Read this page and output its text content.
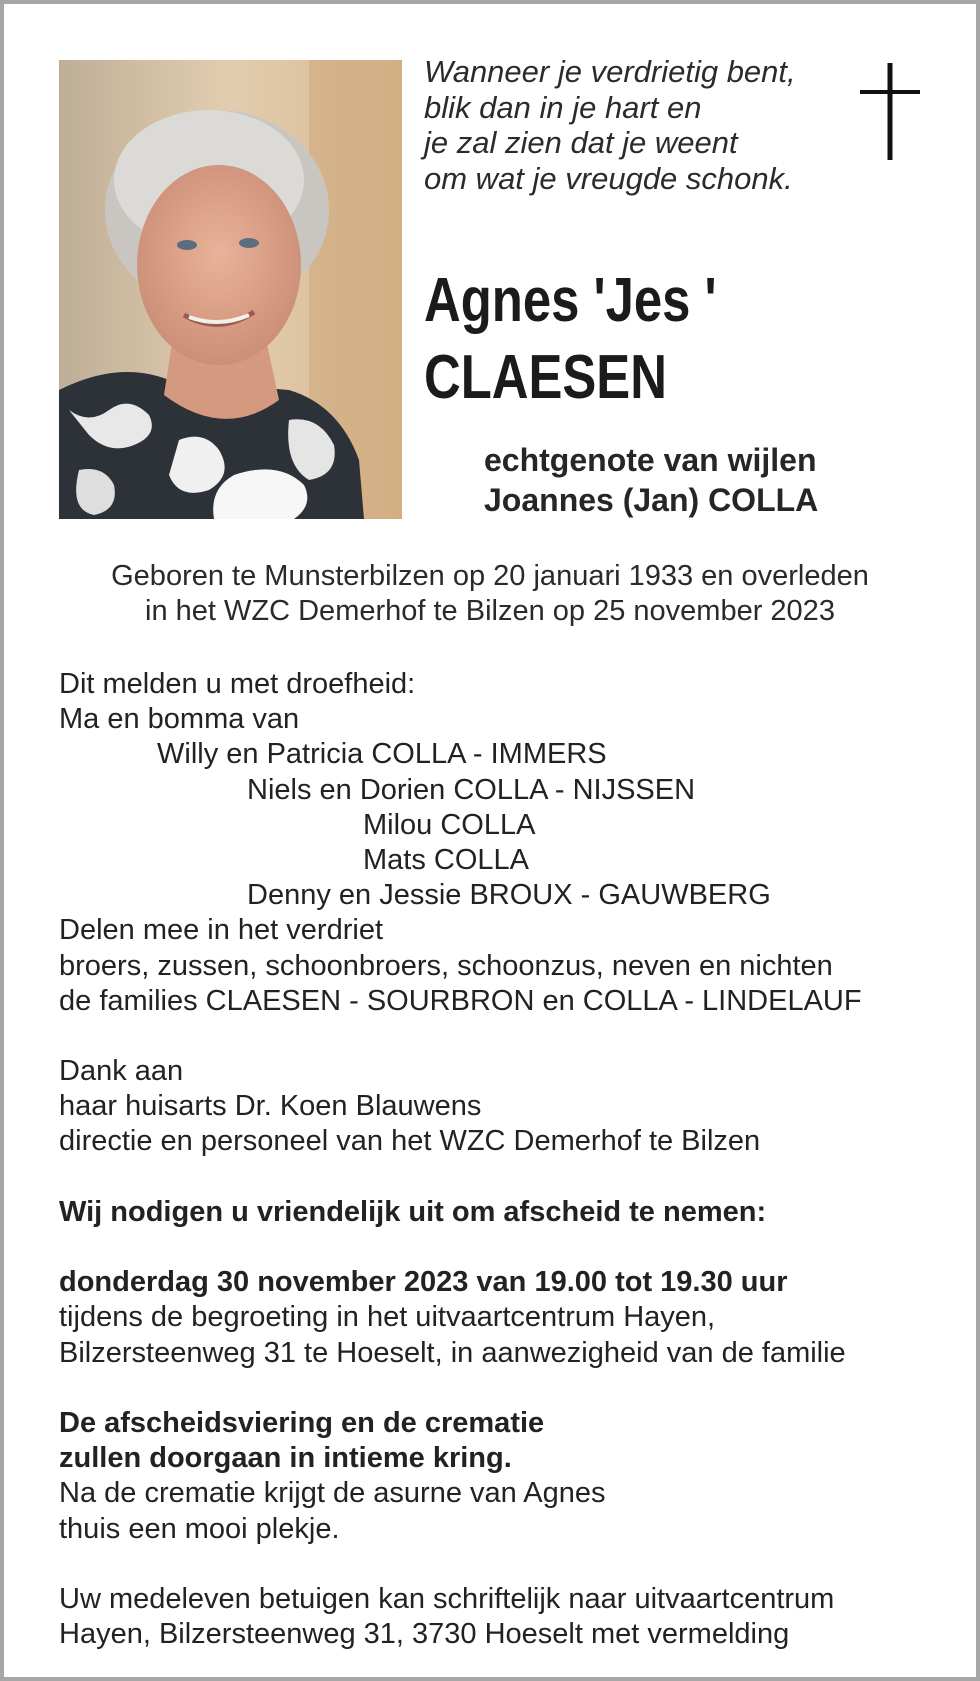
Wanneer je verdrietig bent,
blik dan in je hart en
je zal zien dat je weent
om wat je vreugde schonk.
Agnes 'Jes '
CLAESEN
echtgenote van wijlen
Joannes (Jan) COLLA
Geboren te Munsterbilzen op 20 januari 1933 en overleden
in het WZC Demerhof te Bilzen op 25 november 2023
Dit melden u met droefheid:
Ma en bomma van
Willy en Patricia COLLA - IMMERS
Niels en Dorien COLLA - NIJSSEN
Milou COLLA
Mats COLLA
Denny en Jessie BROUX - GAUWBERG
Delen mee in het verdriet
broers, zussen, schoonbroers, schoonzus, neven en nichten
de families CLAESEN - SOURBRON en COLLA - LINDELAUF
Dank aan
haar huisarts Dr. Koen Blauwens
directie en personeel van het WZC Demerhof te Bilzen
Wij nodigen u vriendelijk uit om afscheid te nemen:
donderdag 30 november 2023 van 19.00 tot 19.30 uur
tijdens de begroeting in het uitvaartcentrum Hayen,
Bilzersteenweg 31 te Hoeselt, in aanwezigheid van de familie
De afscheidsviering en de crematie
zullen doorgaan in intieme kring.
Na de crematie krijgt de asurne van Agnes
thuis een mooi plekje.
Uw medeleven betuigen kan schriftelijk naar uitvaartcentrum
Hayen, Bilzersteenweg 31, 3730 Hoeselt met vermelding
